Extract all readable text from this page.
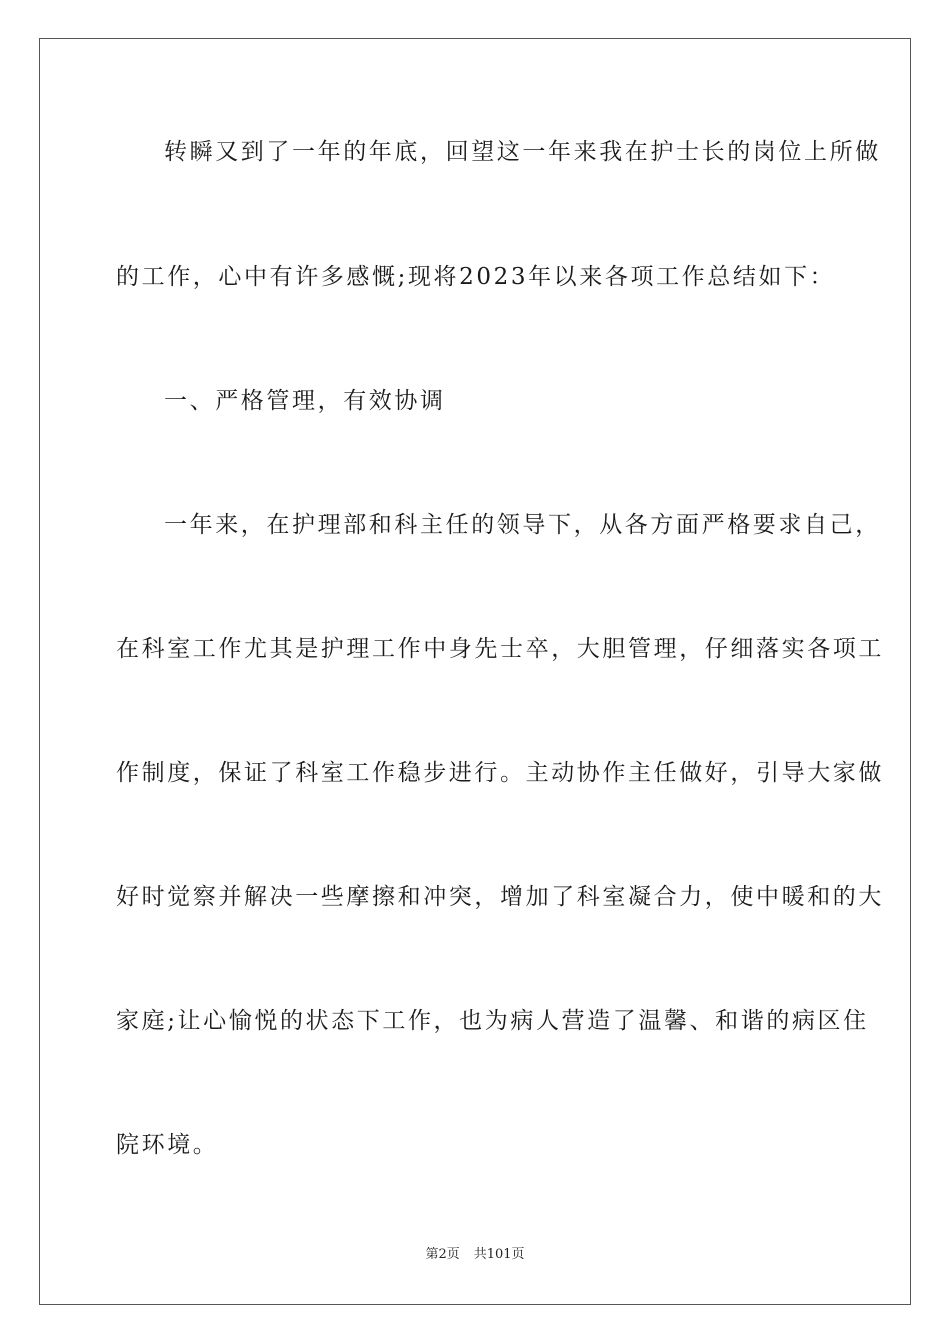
转瞬又到了一年的年底，回望这一年来我在护士长的岗位上所做
的工作，心中有许多感慨;现将2023年以来各项工作总结如下：
一、严格管理，有效协调
一年来，在护理部和科主任的领导下，从各方面严格要求自己，
在科室工作尤其是护理工作中身先士卒，大胆管理，仔细落实各项工
作制度，保证了科室工作稳步进行。主动协作主任做好，引导大家做
好时觉察并解决一些摩擦和冲突，增加了科室凝合力，使中暖和的大
家庭;让心愉悦的状态下工作，也为病人营造了温馨、和谐的病区住
院环境。
第2页 共101页
